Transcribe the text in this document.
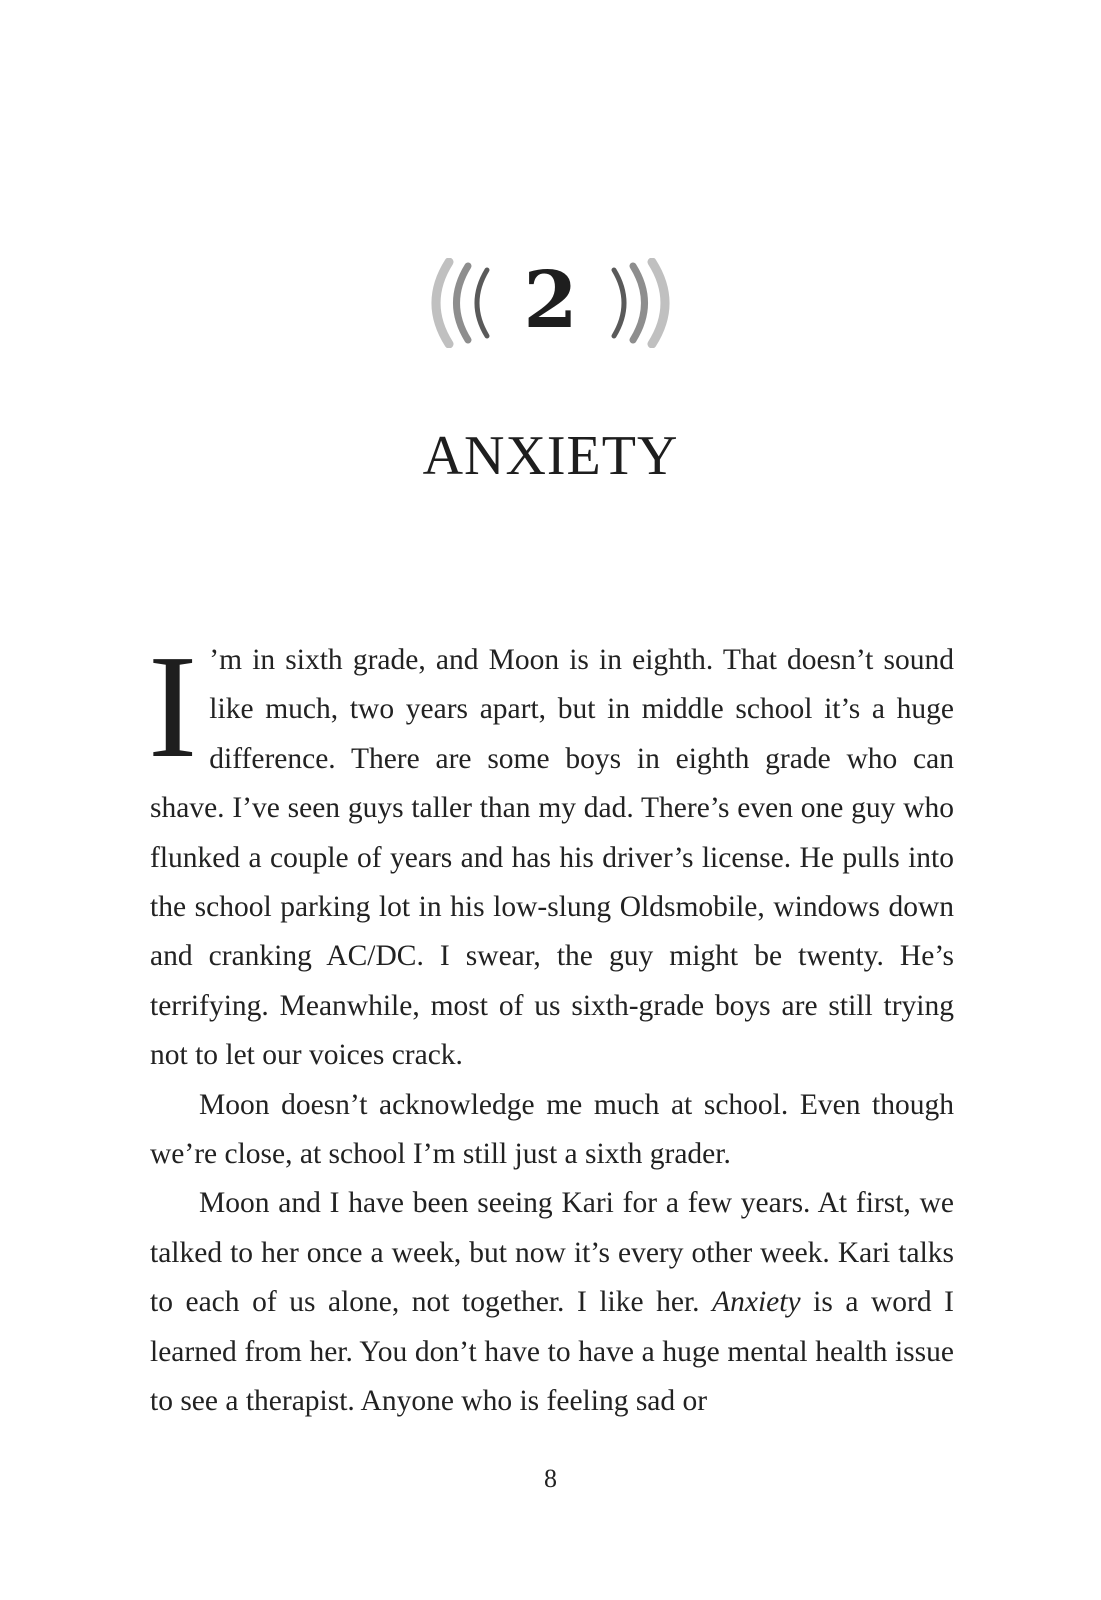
2
ANXIETY

I ’m in sixth grade, and Moon is in eighth. That doesn’t sound like much, two years apart, but in middle school it’s a huge difference. There are some boys in eighth grade who can shave. I’ve seen guys taller than my dad. There’s even one guy who flunked a couple of years and has his driver’s license. He pulls into the school parking lot in his low-slung Oldsmobile, windows down and cranking AC/DC. I swear, the guy might be twenty. He’s terrifying. Meanwhile, most of us sixth-grade boys are still trying not to let our voices crack.

Moon doesn’t acknowledge me much at school. Even though we’re close, at school I’m still just a sixth grader.

Moon and I have been seeing Kari for a few years. At first, we talked to her once a week, but now it’s every other week. Kari talks to each of us alone, not together. I like her. Anxiety is a word I learned from her. You don’t have to have a huge mental health issue to see a therapist. Anyone who is feeling sad or

8
